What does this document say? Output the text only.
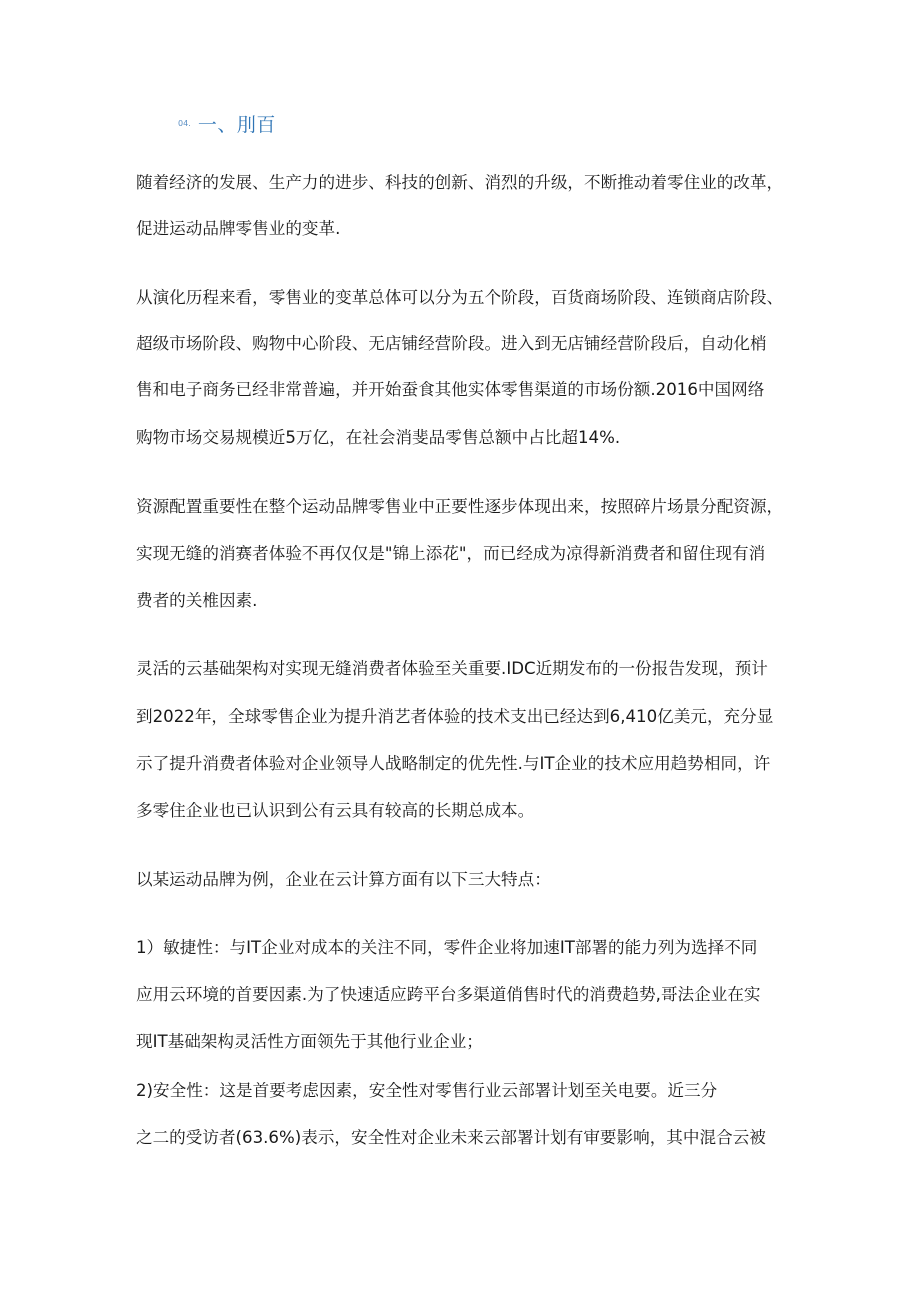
04. 一、刖百
随着经济的发展、生产力的进步、科技的创新、消烈的升级，不断推动着零住业的改革，
促进运动品牌零售业的变革.
从演化历程来看，零售业的变革总体可以分为五个阶段，百货商场阶段、连锁商店阶段、
超级市场阶段、购物中心阶段、无店铺经营阶段。进入到无店铺经营阶段后，自动化梢
售和电子商务已经非常普遍，并开始蚕食其他实体零售渠道的市场份额.2016中国网络
购物市场交易规模近5万亿，在社会消斐品零售总额中占比超14%.
资源配置重要性在整个运动品牌零售业中正要性逐步体现出来，按照碎片场景分配资源，
实现无缝的消赛者体验不再仅仅是"锦上添花"，而已经成为凉得新消费者和留住现有消
费者的关椎因素.
灵活的云基础架构对实现无缝消费者体验至关重要.IDC近期发布的一份报告发现，预计
到2022年，全球零售企业为提升消艺者体验的技术支出已经达到6,410亿美元，充分显
示了提升消费者体验对企业领导人战略制定的优先性.与IT企业的技术应用趋势相同，许
多零住企业也已认识到公有云具有较高的长期总成本。
以某运动品牌为例，企业在云计算方面有以下三大特点：
1）敏捷性：与IT企业对成本的关注不同，零件企业将加速IT部署的能力列为选择不同
应用云环境的首要因素.为了快速适应跨平台多渠道俏售时代的消费趋势,哥法企业在实
现IT基础架构灵活性方面领先于其他行业企业；
2)安全性：这是首要考虑因素，安全性对零售行业云部署计划至关电要。近三分
之二的受访者(63.6%)表示，安全性对企业未来云部署计划有审要影响，其中混合云被
